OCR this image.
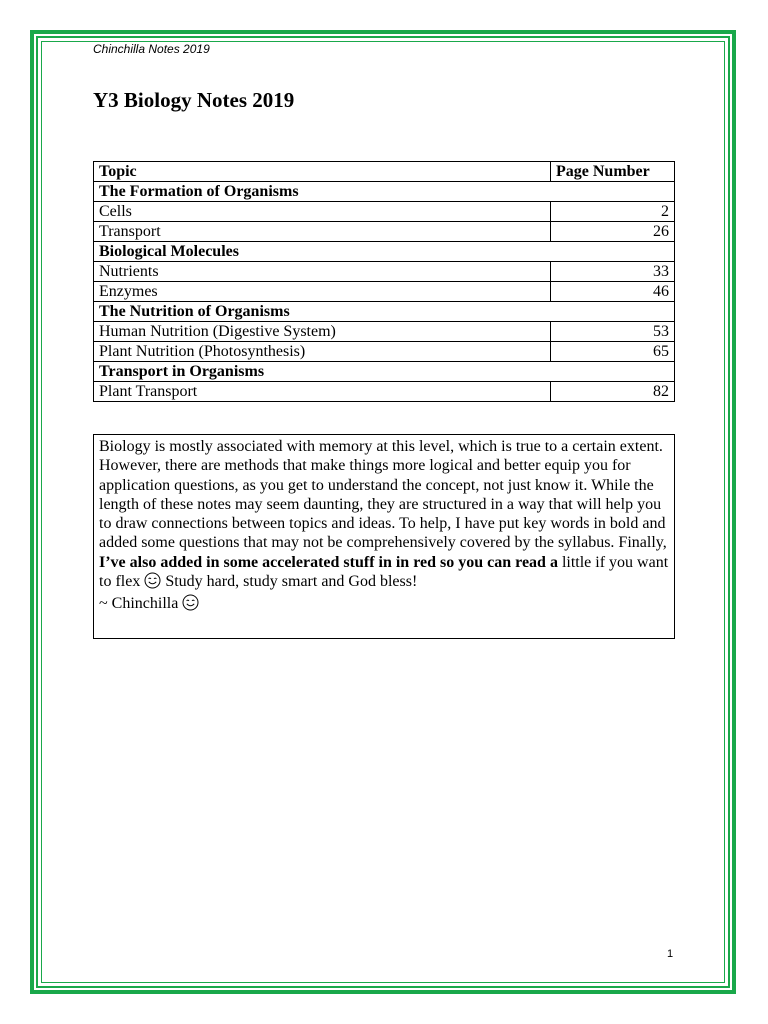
Chinchilla Notes 2019
Y3 Biology Notes 2019
Topic	Page Number
The Formation of Organisms	
Cells	2
Transport	26
Biological Molecules	
Nutrients	33
Enzymes	46
The Nutrition of Organisms	
Human Nutrition (Digestive System)	53
Plant Nutrition (Photosynthesis)	65
Transport in Organisms	
Plant Transport	82

Biology is mostly associated with memory at this level, which is true to a certain extent. However, there are methods that make things more logical and better equip you for application questions, as you get to understand the concept, not just know it. While the length of these notes may seem daunting, they are structured in a way that will help you to draw connections between topics and ideas. To help, I have put key words in bold and added some questions that may not be comprehensively covered by the syllabus. Finally, I’ve also added in some accelerated stuff in in red so you can read a little if you want to flex  Study hard, study smart and God bless!
~ Chinchilla

1
